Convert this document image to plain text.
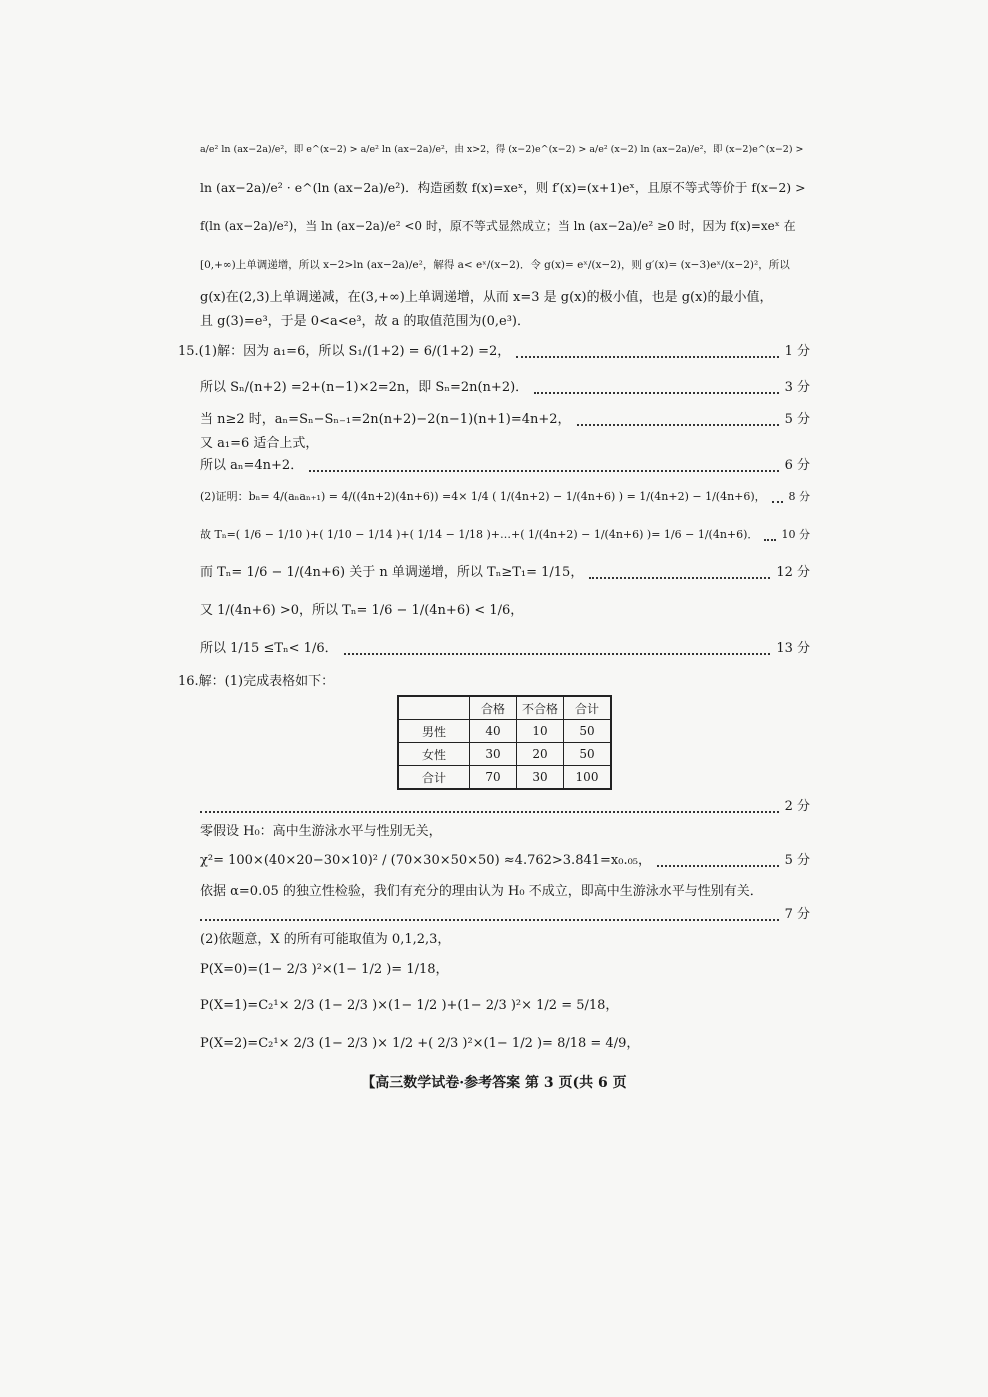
a/e² ln (ax−2a)/e²，即 e^(x−2) > a/e² ln (ax−2a)/e²，由 x>2，得 (x−2)e^(x−2) > a/e² (x−2) ln (ax−2a)/e²，即 (x−2)e^(x−2) >
ln (ax−2a)/e² · e^(ln (ax−2a)/e²)．构造函数 f(x)=xeˣ，则 f′(x)=(x+1)eˣ，且原不等式等价于 f(x−2) >
f(ln (ax−2a)/e²)，当 ln (ax−2a)/e² <0 时，原不等式显然成立；当 ln (ax−2a)/e² ≥0 时，因为 f(x)=xeˣ 在
[0,+∞)上单调递增，所以 x−2>ln (ax−2a)/e²，解得 a< eˣ/(x−2)．令 g(x)= eˣ/(x−2)，则 g′(x)= (x−3)eˣ/(x−2)²，所以
g(x)在(2,3)上单调递减，在(3,+∞)上单调递增，从而 x=3 是 g(x)的极小值，也是 g(x)的最小值，
且 g(3)=e³，于是 0<a<e³，故 a 的取值范围为(0,e³)．
15.(1)解：因为 a₁=6，所以 S₁/(1+2) = 6/(1+2) =2，	1 分
所以 Sₙ/(n+2) =2+(n−1)×2=2n，即 Sₙ=2n(n+2)．	3 分
当 n≥2 时，aₙ=Sₙ−Sₙ₋₁=2n(n+2)−2(n−1)(n+1)=4n+2，	5 分
又 a₁=6 适合上式，
所以 aₙ=4n+2．	6 分
(2)证明：bₙ= 4/(aₙaₙ₊₁) = 4/((4n+2)(4n+6)) =4× 1/4 ( 1/(4n+2) − 1/(4n+6) ) = 1/(4n+2) − 1/(4n+6)， 8 分
故 Tₙ=( 1/6 − 1/10 )+( 1/10 − 1/14 )+( 1/14 − 1/18 )+…+( 1/(4n+2) − 1/(4n+6) )= 1/6 − 1/(4n+6)． 10 分
而 Tₙ= 1/6 − 1/(4n+6) 关于 n 单调递增，所以 Tₙ≥T₁= 1/15，	12 分
又 1/(4n+6) >0，所以 Tₙ= 1/6 − 1/(4n+6) < 1/6，
所以 1/15 ≤Tₙ< 1/6．	13 分
16.解：(1)完成表格如下：
	合格	不合格	合计
男性	40	10	50
女性	30	20	50
合计	70	30	100
2 分
零假设 H₀：高中生游泳水平与性别无关，
χ²= 100×(40×20−30×10)² / (70×30×50×50) ≈4.762>3.841=x₀.₀₅，	5 分
依据 α=0.05 的独立性检验，我们有充分的理由认为 H₀ 不成立，即高中生游泳水平与性别有关．
7 分
(2)依题意，X 的所有可能取值为 0,1,2,3，
P(X=0)=(1− 2/3 )²×(1− 1/2 )= 1/18，
P(X=1)=C₂¹× 2/3 (1− 2/3 )×(1− 1/2 )+(1− 2/3 )²× 1/2 = 5/18，
P(X=2)=C₂¹× 2/3 (1− 2/3 )× 1/2 +( 2/3 )²×(1− 1/2 )= 8/18 = 4/9，
【高三数学试卷·参考答案 第 3 页(共 6 页
